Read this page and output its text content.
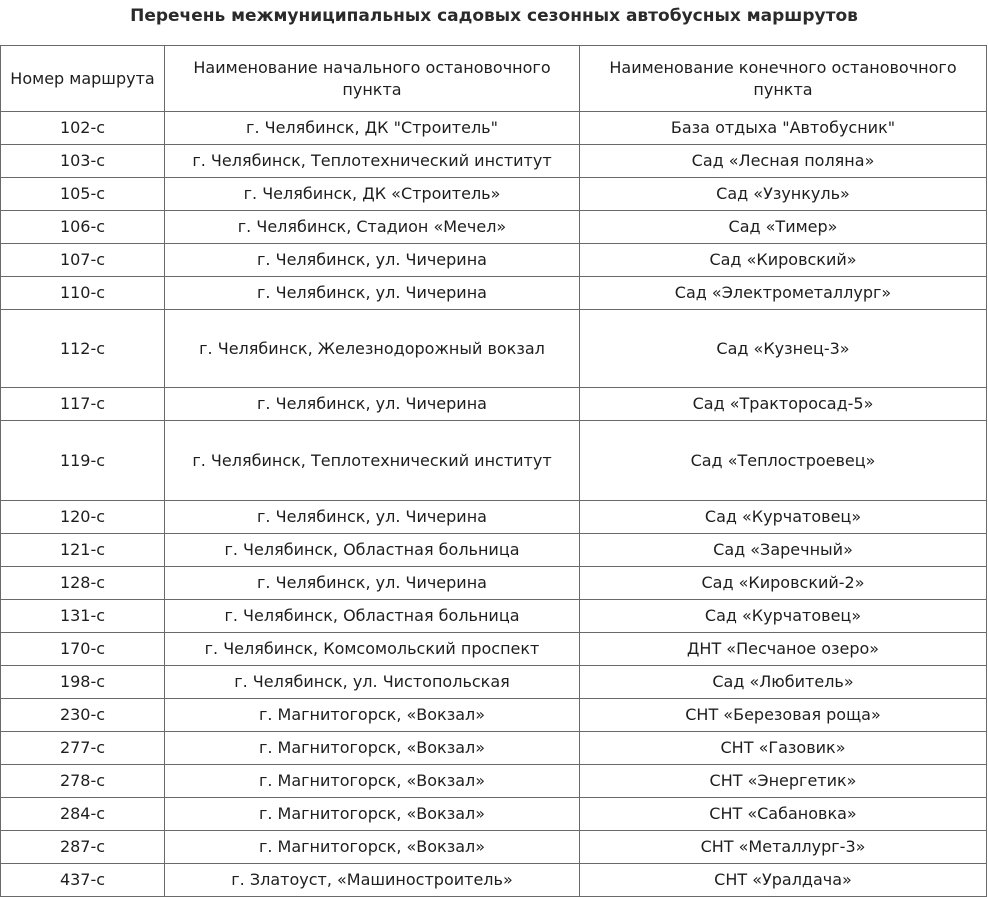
Перечень межмуниципальных садовых сезонных автобусных маршрутов
Номер маршрута	Наименование начального остановочного пункта	Наименование конечного остановочного пункта
102-с	г. Челябинск, ДК "Строитель"	База отдыха "Автобусник"
103-с	г. Челябинск, Теплотехнический институт	Сад «Лесная поляна»
105-с	г. Челябинск, ДК «Строитель»	Сад «Узункуль»
106-с	г. Челябинск, Стадион «Мечел»	Сад «Тимер»
107-с	г. Челябинск, ул. Чичерина	Сад «Кировский»
110-с	г. Челябинск, ул. Чичерина	Сад «Электрометаллург»
112-с	г. Челябинск, Железнодорожный вокзал	Сад «Кузнец-3»
117-с	г. Челябинск, ул. Чичерина	Сад «Тракторосад-5»
119-с	г. Челябинск, Теплотехнический институт	Сад «Теплостроевец»
120-с	г. Челябинск, ул. Чичерина	Сад «Курчатовец»
121-с	г. Челябинск, Областная больница	Сад «Заречный»
128-с	г. Челябинск, ул. Чичерина	Сад «Кировский-2»
131-с	г. Челябинск, Областная больница	Сад «Курчатовец»
170-с	г. Челябинск, Комсомольский проспект	ДНТ «Песчаное озеро»
198-с	г. Челябинск, ул. Чистопольская	Сад «Любитель»
230-с	г. Магнитогорск, «Вокзал»	СНТ «Березовая роща»
277-с	г. Магнитогорск, «Вокзал»	СНТ «Газовик»
278-с	г. Магнитогорск, «Вокзал»	СНТ «Энергетик»
284-с	г. Магнитогорск, «Вокзал»	СНТ «Сабановка»
287-с	г. Магнитогорск, «Вокзал»	СНТ «Металлург-3»
437-с	г. Златоуст, «Машиностроитель»	СНТ «Уралдача»
